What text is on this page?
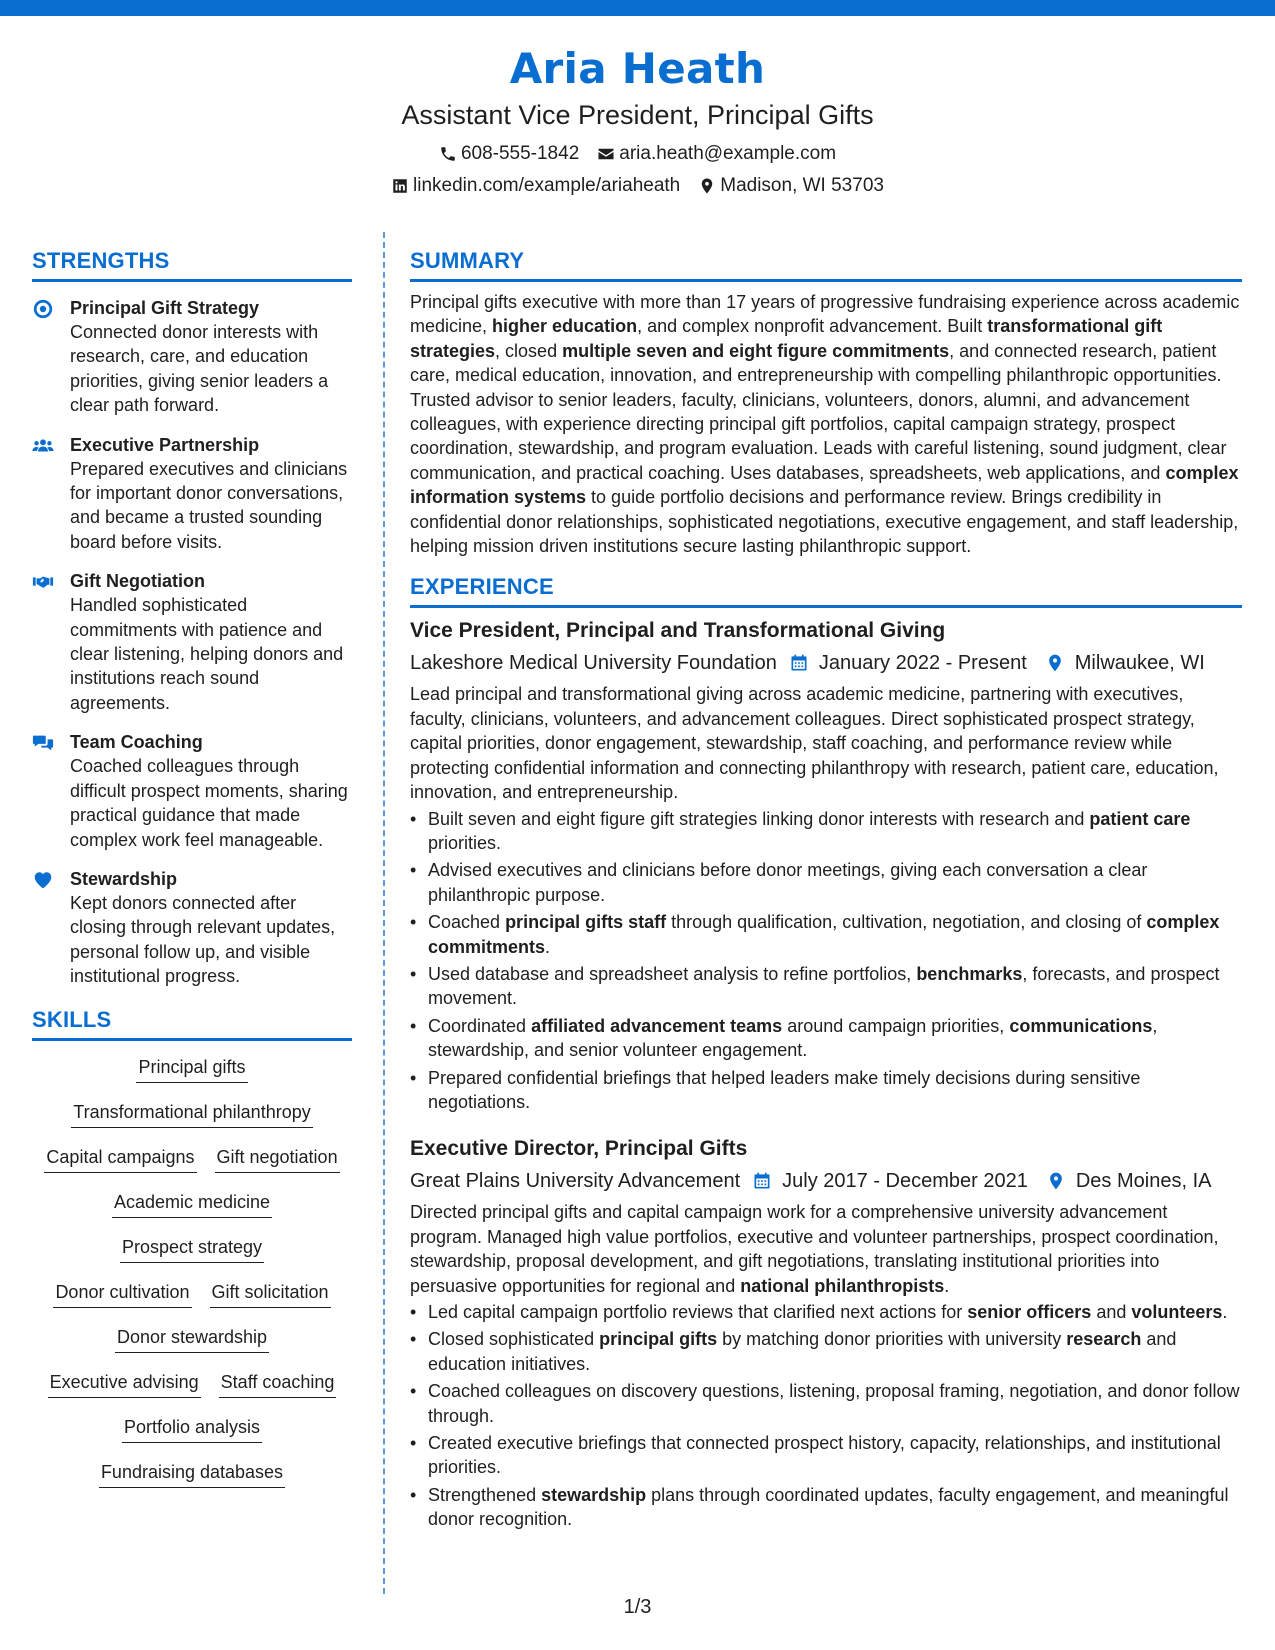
Aria Heath
Assistant Vice President, Principal Gifts
608-555-1842 aria.heath@example.com
linkedin.com/example/ariaheath Madison, WI 53703
STRENGTHS
Principal Gift Strategy
Connected donor interests with research, care, and education priorities, giving senior leaders a clear path forward.
Executive Partnership
Prepared executives and clinicians for important donor conversations, and became a trusted sounding board before visits.
Gift Negotiation
Handled sophisticated commitments with patience and clear listening, helping donors and institutions reach sound agreements.
Team Coaching
Coached colleagues through difficult prospect moments, sharing practical guidance that made complex work feel manageable.
Stewardship
Kept donors connected after closing through relevant updates, personal follow up, and visible institutional progress.
SKILLS
Principal gifts
Transformational philanthropy
Capital campaigns Gift negotiation
Academic medicine
Prospect strategy
Donor cultivation Gift solicitation
Donor stewardship
Executive advising Staff coaching
Portfolio analysis
Fundraising databases
SUMMARY

Principal gifts executive with more than 17 years of progressive fundraising experience across academic medicine, higher education, and complex nonprofit advancement. Built transformational gift strategies, closed multiple seven and eight figure commitments, and connected research, patient care, medical education, innovation, and entrepreneurship with compelling philanthropic opportunities. Trusted advisor to senior leaders, faculty, clinicians, volunteers, donors, alumni, and advancement colleagues, with experience directing principal gift portfolios, capital campaign strategy, prospect coordination, stewardship, and program evaluation. Leads with careful listening, sound judgment, clear communication, and practical coaching. Uses databases, spreadsheets, web applications, and complex information systems to guide portfolio decisions and performance review. Brings credibility in confidential donor relationships, sophisticated negotiations, executive engagement, and staff leadership, helping mission driven institutions secure lasting philanthropic support.

EXPERIENCE
Vice President, Principal and Transformational Giving
Lakeshore Medical University Foundation January 2022 - Present Milwaukee, WI

Lead principal and transformational giving across academic medicine, partnering with executives, faculty, clinicians, volunteers, and advancement colleagues. Direct sophisticated prospect strategy, capital priorities, donor engagement, stewardship, staff coaching, and performance review while protecting confidential information and connecting philanthropy with research, patient care, education, innovation, and entrepreneurship.

• Built seven and eight figure gift strategies linking donor interests with research and patient care priorities.
• Advised executives and clinicians before donor meetings, giving each conversation a clear philanthropic purpose.
• Coached principal gifts staff through qualification, cultivation, negotiation, and closing of complex commitments.
• Used database and spreadsheet analysis to refine portfolios, benchmarks, forecasts, and prospect movement.
• Coordinated affiliated advancement teams around campaign priorities, communications, stewardship, and senior volunteer engagement.
• Prepared confidential briefings that helped leaders make timely decisions during sensitive negotiations.
Executive Director, Principal Gifts
Great Plains University Advancement July 2017 - December 2021 Des Moines, IA

Directed principal gifts and capital campaign work for a comprehensive university advancement program. Managed high value portfolios, executive and volunteer partnerships, prospect coordination, stewardship, proposal development, and gift negotiations, translating institutional priorities into persuasive opportunities for regional and national philanthropists.

• Led capital campaign portfolio reviews that clarified next actions for senior officers and volunteers.
• Closed sophisticated principal gifts by matching donor priorities with university research and education initiatives.
• Coached colleagues on discovery questions, listening, proposal framing, negotiation, and donor follow through.
• Created executive briefings that connected prospect history, capacity, relationships, and institutional priorities.
• Strengthened stewardship plans through coordinated updates, faculty engagement, and meaningful donor recognition.
1/3
